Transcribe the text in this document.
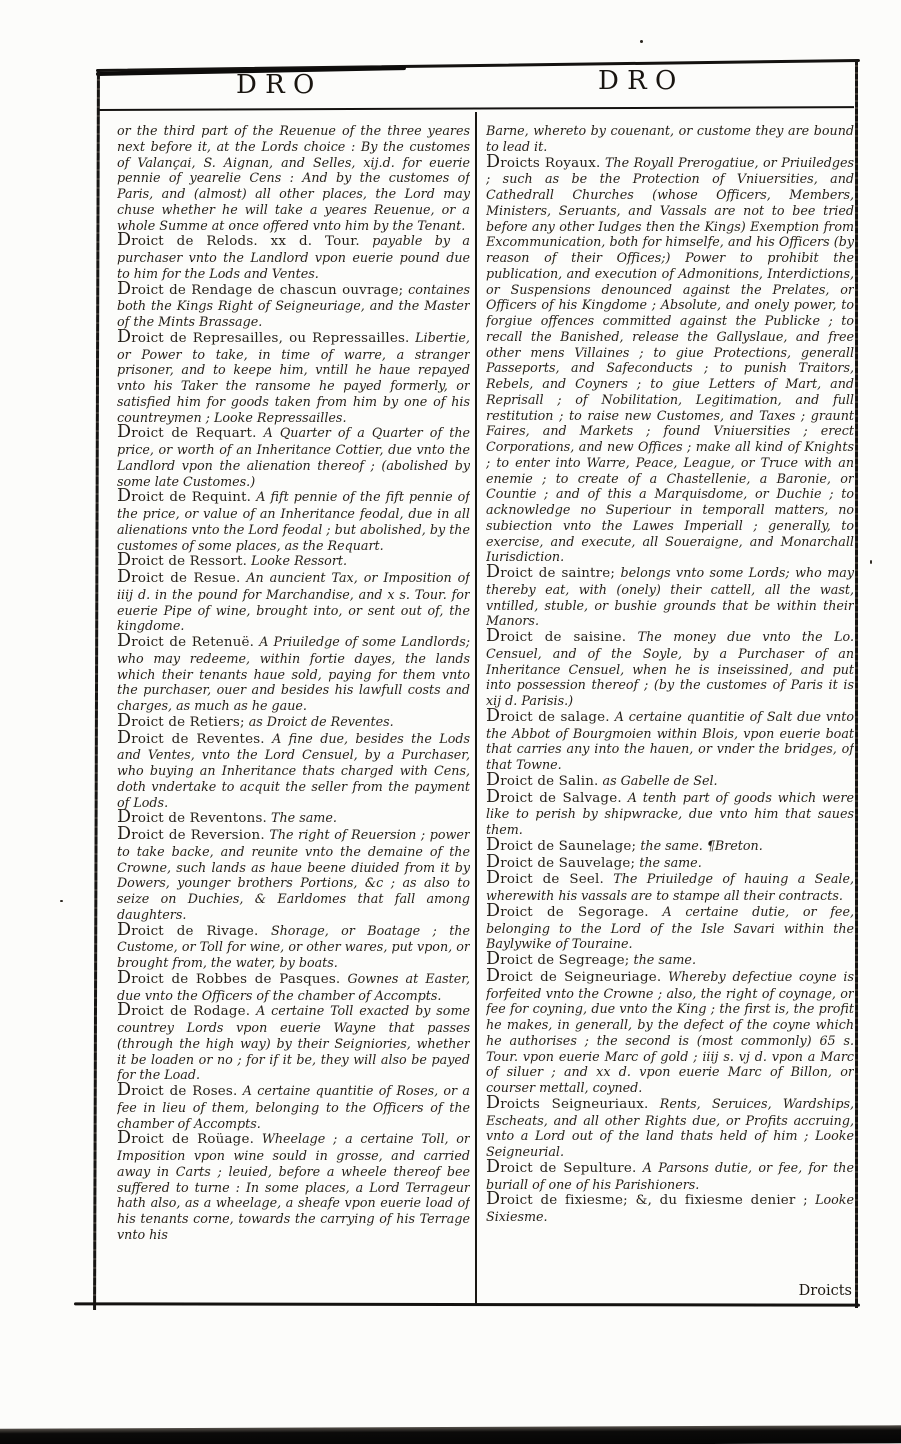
D R O	D R O

or the third part of the Reuenue of the three yeares next before it, at the Lords choice : By the customes of Valançai, S. Aignan, and Selles, xij.d. for euerie pennie of yearelie Cens : And by the customes of Paris, and (almost) all other places, the Lord may chuse whether he will take a yeares Reuenue, or a whole Summe at once offered vnto him by the Tenant.

Droict de Relods. xx d. Tour. payable by a purchaser vnto the Landlord vpon euerie pound due to him for the Lods and Ventes.

Droict de Rendage de chascun ouvrage; containes both the Kings Right of Seigneuriage, and the Master of the Mints Brassage.

Droict de Represailles, ou Repressailles. Libertie, or Power to take, in time of warre, a stranger prisoner, and to keepe him, vntill he haue repayed vnto his Taker the ransome he payed formerly, or satisfied him for goods taken from him by one of his countreymen ; Looke Repressailles.

Droict de Requart. A Quarter of a Quarter of the price, or worth of an Inheritance Cottier, due vnto the Landlord vpon the alienation thereof ; (abolished by some late Customes.)

Droict de Requint. A fift pennie of the fift pennie of the price, or value of an Inheritance feodal, due in all alienations vnto the Lord feodal ; but abolished, by the customes of some places, as the Requart.

Droict de Ressort. Looke Ressort.

Droict de Resue. An auncient Tax, or Imposition of iiij d. in the pound for Marchandise, and x s. Tour. for euerie Pipe of wine, brought into, or sent out of, the kingdome.

Droict de Retenuë. A Priuiledge of some Landlords; who may redeeme, within fortie dayes, the lands which their tenants haue sold, paying for them vnto the purchaser, ouer and besides his lawfull costs and charges, as much as he gaue.

Droict de Retiers; as Droict de Reventes.

Droict de Reventes. A fine due, besides the Lods and Ventes, vnto the Lord Censuel, by a Purchaser, who buying an Inheritance thats charged with Cens, doth vndertake to acquit the seller from the payment of Lods.

Droict de Reventons. The same.

Droict de Reversion. The right of Reuersion ; power to take backe, and reunite vnto the demaine of the Crowne, such lands as haue beene diuided from it by Dowers, younger brothers Portions, &c ; as also to seize on Duchies, & Earldomes that fall among daughters.

Droict de Rivage. Shorage, or Boatage ; the Custome, or Toll for wine, or other wares, put vpon, or brought from, the water, by boats.

Droict de Robbes de Pasques. Gownes at Easter, due vnto the Officers of the chamber of Accompts.

Droict de Rodage. A certaine Toll exacted by some countrey Lords vpon euerie Wayne that passes (through the high way) by their Seigniories, whether it be loaden or no ; for if it be, they will also be payed for the Load.

Droict de Roses. A certaine quantitie of Roses, or a fee in lieu of them, belonging to the Officers of the chamber of Accompts.

Droict de Roüage. Wheelage ; a certaine Toll, or Imposition vpon wine sould in grosse, and carried away in Carts ; leuied, before a wheele thereof bee suffered to turne : In some places, a Lord Terrageur hath also, as a wheelage, a sheafe vpon euerie load of his tenants corne, towards the carrying of his Terrage vnto his

Barne, whereto by couenant, or custome they are bound to lead it.

Droicts Royaux. The Royall Prerogatiue, or Priuiledges ; such as be the Protection of Vniuersities, and Cathedrall Churches (whose Officers, Members, Ministers, Seruants, and Vassals are not to bee tried before any other Iudges then the Kings) Exemption from Excommunication, both for himselfe, and his Officers (by reason of their Offices;) Power to prohibit the publication, and execution of Admonitions, Interdictions, or Suspensions denounced against the Prelates, or Officers of his Kingdome ; Absolute, and onely power, to forgiue offences committed against the Publicke ; to recall the Banished, release the Gallyslaue, and free other mens Villaines ; to giue Protections, generall Passeports, and Safeconducts ; to punish Traitors, Rebels, and Coyners ; to giue Letters of Mart, and Reprisall ; of Nobilitation, Legitimation, and full restitution ; to raise new Customes, and Taxes ; graunt Faires, and Markets ; found Vniuersities ; erect Corporations, and new Offices ; make all kind of Knights ; to enter into Warre, Peace, League, or Truce with an enemie ; to create of a Chastellenie, a Baronie, or Countie ; and of this a Marquisdome, or Duchie ; to acknowledge no Superiour in temporall matters, no subiection vnto the Lawes Imperiall ; generally, to exercise, and execute, all Soueraigne, and Monarchall Iurisdiction.

Droict de saintre; belongs vnto some Lords; who may thereby eat, with (onely) their cattell, all the wast, vntilled, stuble, or bushie grounds that be within their Manors.

Droict de saisine. The money due vnto the Lo. Censuel, and of the Soyle, by a Purchaser of an Inheritance Censuel, when he is inseissined, and put into possession thereof ; (by the customes of Paris it is xij d. Parisis.)

Droict de salage. A certaine quantitie of Salt due vnto the Abbot of Bourgmoien within Blois, vpon euerie boat that carries any into the hauen, or vnder the bridges, of that Towne.

Droict de Salin. as Gabelle de Sel.

Droict de Salvage. A tenth part of goods which were like to perish by shipwracke, due vnto him that saues them.

Droict de Saunelage; the same. ¶Breton.

Droict de Sauvelage; the same.

Droict de Seel. The Priuiledge of hauing a Seale, wherewith his vassals are to stampe all their contracts.

Droict de Segorage. A certaine dutie, or fee, belonging to the Lord of the Isle Savari within the Baylywike of Touraine.

Droict de Segreage; the same.

Droict de Seigneuriage. Whereby defectiue coyne is forfeited vnto the Crowne ; also, the right of coynage, or fee for coyning, due vnto the King ; the first is, the profit he makes, in generall, by the defect of the coyne which he authorises ; the second is (most commonly) 65 s. Tour. vpon euerie Marc of gold ; iiij s. vj d. vpon a Marc of siluer ; and xx d. vpon euerie Marc of Billon, or courser mettall, coyned.

Droicts Seigneuriaux. Rents, Seruices, Wardships, Escheats, and all other Rights due, or Profits accruing, vnto a Lord out of the land thats held of him ; Looke Seigneurial.

Droict de Sepulture. A Parsons dutie, or fee, for the buriall of one of his Parishioners.

Droict de fixiesme; &, du fixiesme denier ; Looke Sixiesme.

Droicts
